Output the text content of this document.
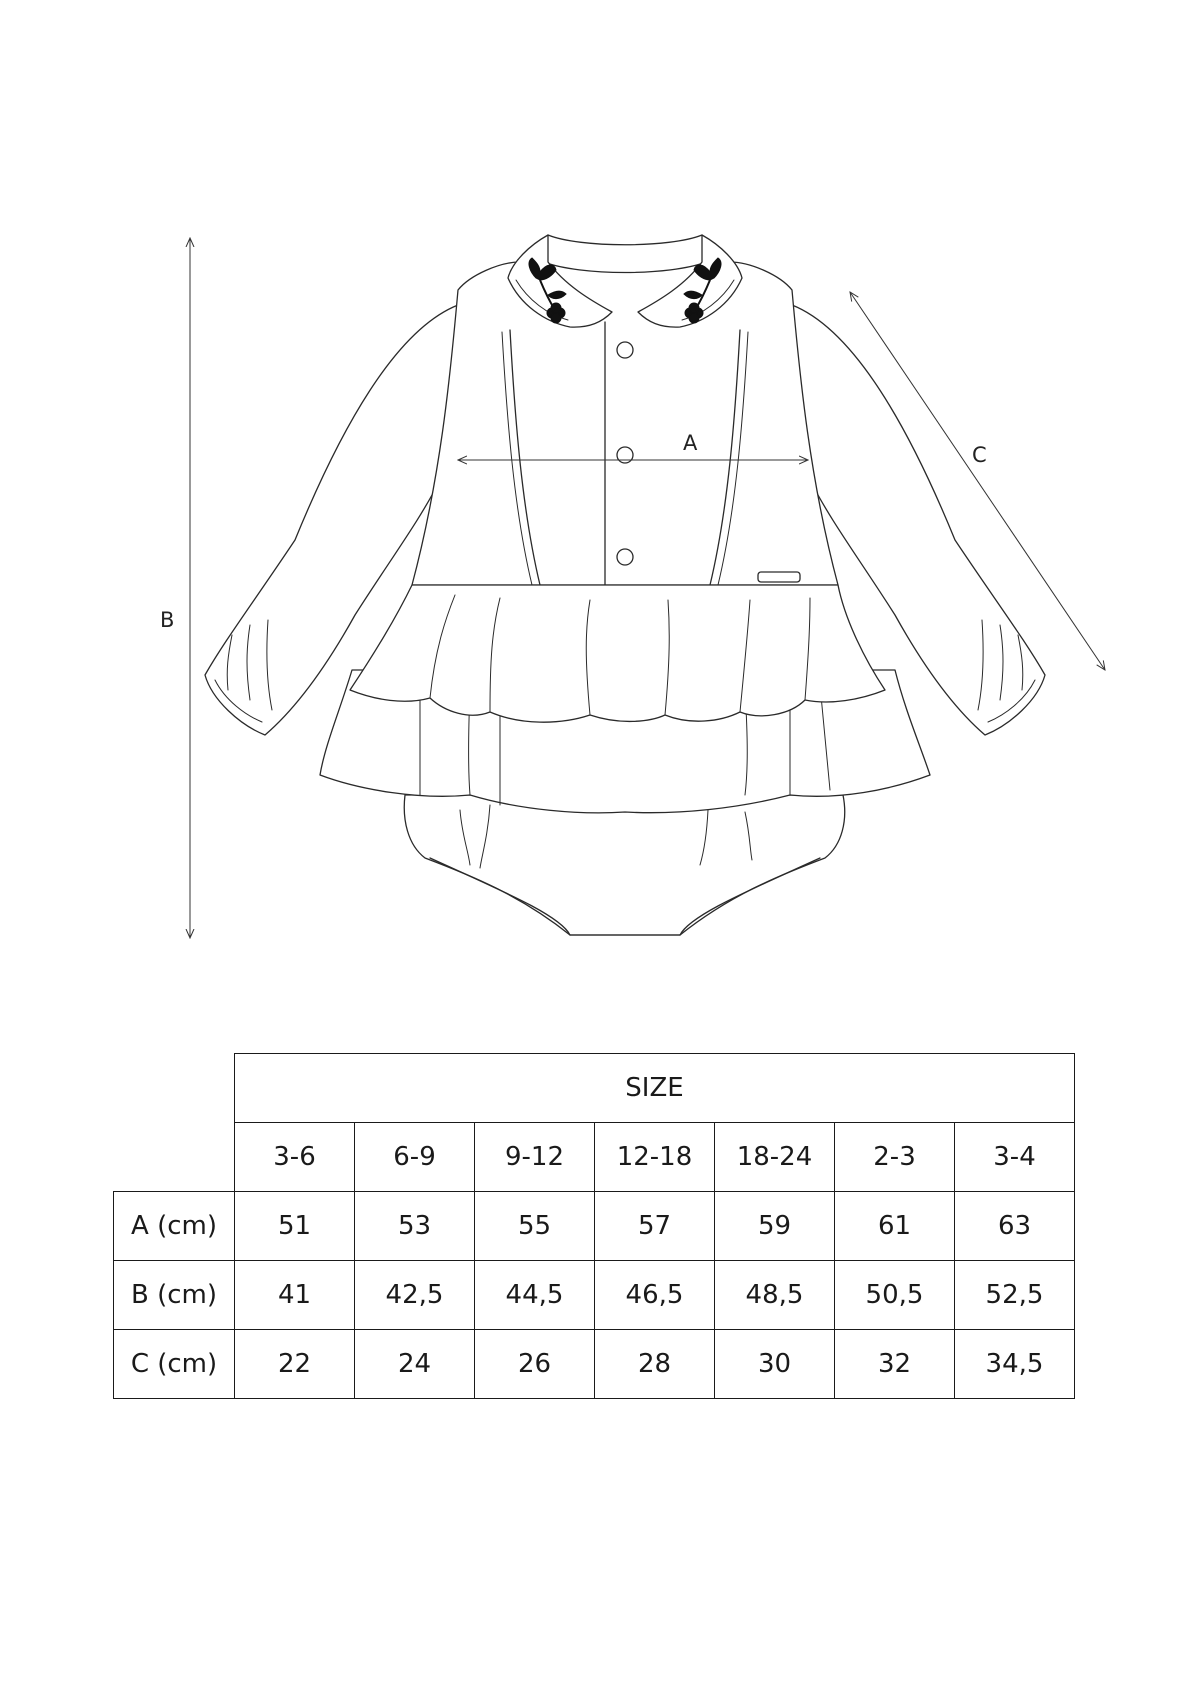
A
B
C
	SIZE						
	3-6	6-9	9-12	12-18	18-24	2-3	3-4
A (cm)	51	53	55	57	59	61	63
B (cm)	41	42,5	44,5	46,5	48,5	50,5	52,5
C (cm)	22	24	26	28	30	32	34,5
